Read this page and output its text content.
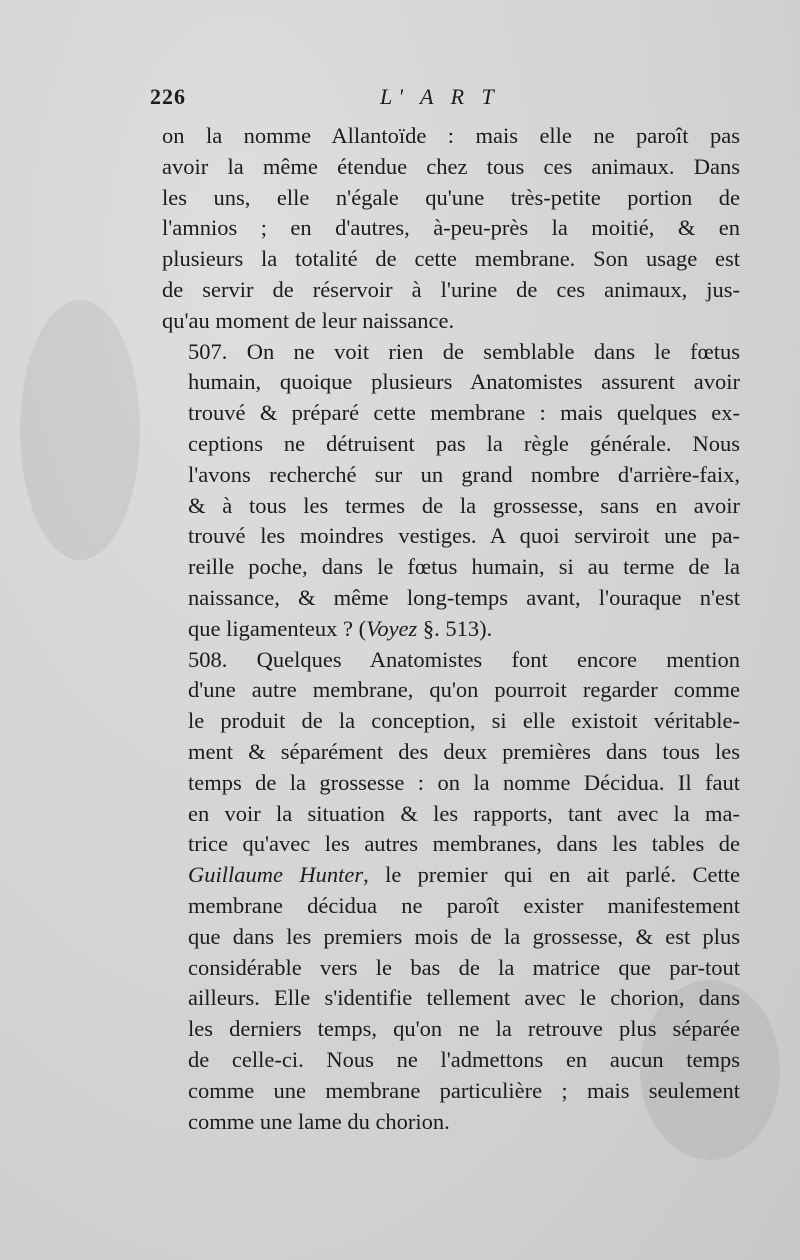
226	L' A R T

on la nomme Allantoïde : mais elle ne paroît pas
avoir la même étendue chez tous ces animaux. Dans
les uns, elle n'égale qu'une très-petite portion de
l'amnios ; en d'autres, à-peu-près la moitié, & en
plusieurs la totalité de cette membrane. Son usage est
de servir de réservoir à l'urine de ces animaux, jus-
qu'au moment de leur naissance.

507. On ne voit rien de semblable dans le fœtus
humain, quoique plusieurs Anatomistes assurent avoir
trouvé & préparé cette membrane : mais quelques ex-
ceptions ne détruisent pas la règle générale. Nous
l'avons recherché sur un grand nombre d'arrière-faix,
& à tous les termes de la grossesse, sans en avoir
trouvé les moindres vestiges. A quoi serviroit une pa-
reille poche, dans le fœtus humain, si au terme de la
naissance, & même long-temps avant, l'ouraque n'est
que ligamenteux ? (Voyez §. 513).

508. Quelques Anatomistes font encore mention
d'une autre membrane, qu'on pourroit regarder comme
le produit de la conception, si elle existoit véritable-
ment & séparément des deux premières dans tous les
temps de la grossesse : on la nomme Décidua. Il faut
en voir la situation & les rapports, tant avec la ma-
trice qu'avec les autres membranes, dans les tables de
Guillaume Hunter, le premier qui en ait parlé. Cette
membrane décidua ne paroît exister manifestement
que dans les premiers mois de la grossesse, & est plus
considérable vers le bas de la matrice que par-tout
ailleurs. Elle s'identifie tellement avec le chorion, dans
les derniers temps, qu'on ne la retrouve plus séparée
de celle-ci. Nous ne l'admettons en aucun temps
comme une membrane particulière ; mais seulement
comme une lame du chorion.
